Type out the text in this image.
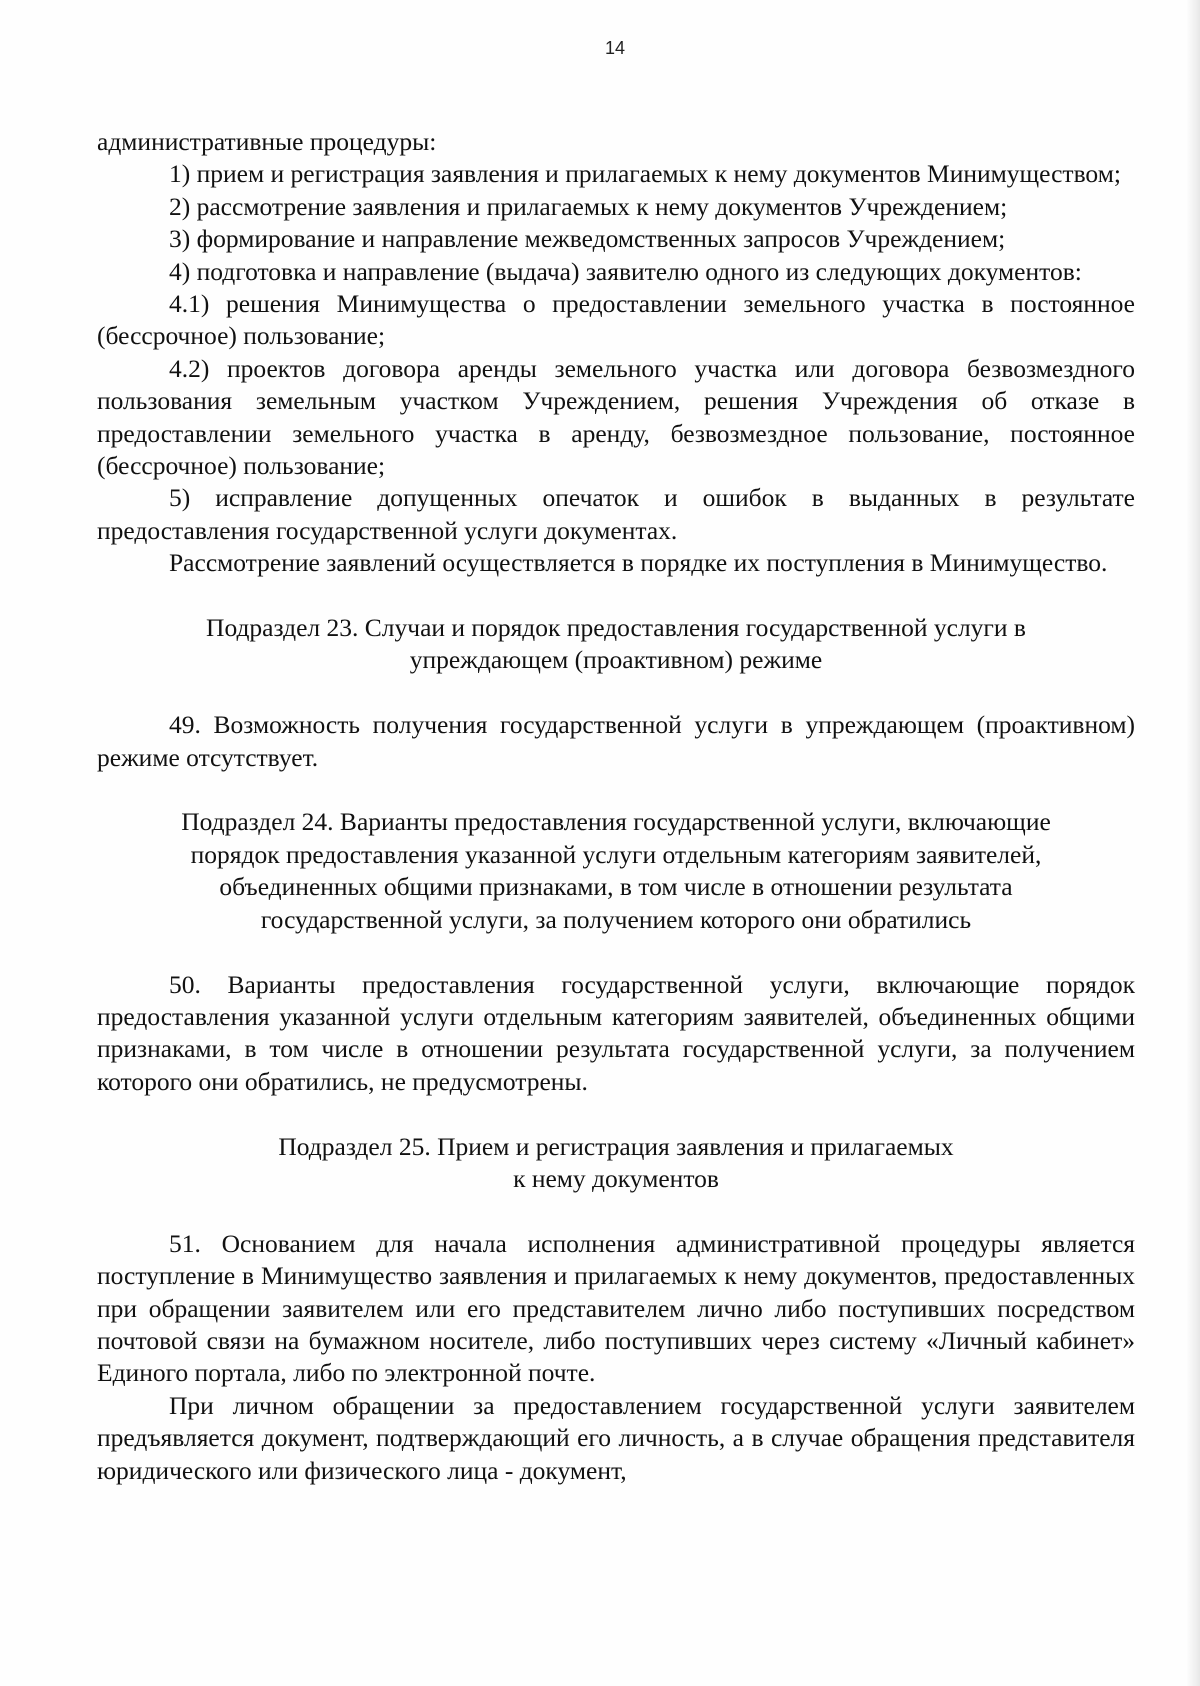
14

административные процедуры:

1) прием и регистрация заявления и прилагаемых к нему документов Минимуществом;

2) рассмотрение заявления и прилагаемых к нему документов Учреждением;

3) формирование и направление межведомственных запросов Учреждением;

4) подготовка и направление (выдача) заявителю одного из следующих документов:

4.1) решения Минимущества о предоставлении земельного участка в постоянное (бессрочное) пользование;

4.2) проектов договора аренды земельного участка или договора безвозмездного пользования земельным участком Учреждением, решения Учреждения об отказе в предоставлении земельного участка в аренду, безвозмездное пользование, постоянное (бессрочное) пользование;

5) исправление допущенных опечаток и ошибок в выданных в результате предоставления государственной услуги документах.

Рассмотрение заявлений осуществляется в порядке их поступления в Минимущество.

Подраздел 23. Случаи и порядок предоставления государственной услуги в
упреждающем (проактивном) режиме

49. Возможность получения государственной услуги в упреждающем (проактивном) режиме отсутствует.

Подраздел 24. Варианты предоставления государственной услуги, включающие
порядок предоставления указанной услуги отдельным категориям заявителей,
объединенных общими признаками, в том числе в отношении результата
государственной услуги, за получением которого они обратились

50. Варианты предоставления государственной услуги, включающие порядок предоставления указанной услуги отдельным категориям заявителей, объединенных общими признаками, в том числе в отношении результата государственной услуги, за получением которого они обратились, не предусмотрены.

Подраздел 25. Прием и регистрация заявления и прилагаемых
к нему документов

51. Основанием для начала исполнения административной процедуры является поступление в Минимущество заявления и прилагаемых к нему документов, предоставленных при обращении заявителем или его представителем лично либо поступивших посредством почтовой связи на бумажном носителе, либо поступивших через систему «Личный кабинет» Единого портала, либо по электронной почте.

При личном обращении за предоставлением государственной услуги заявителем предъявляется документ, подтверждающий его личность, а в случае обращения представителя юридического или физического лица - документ,
